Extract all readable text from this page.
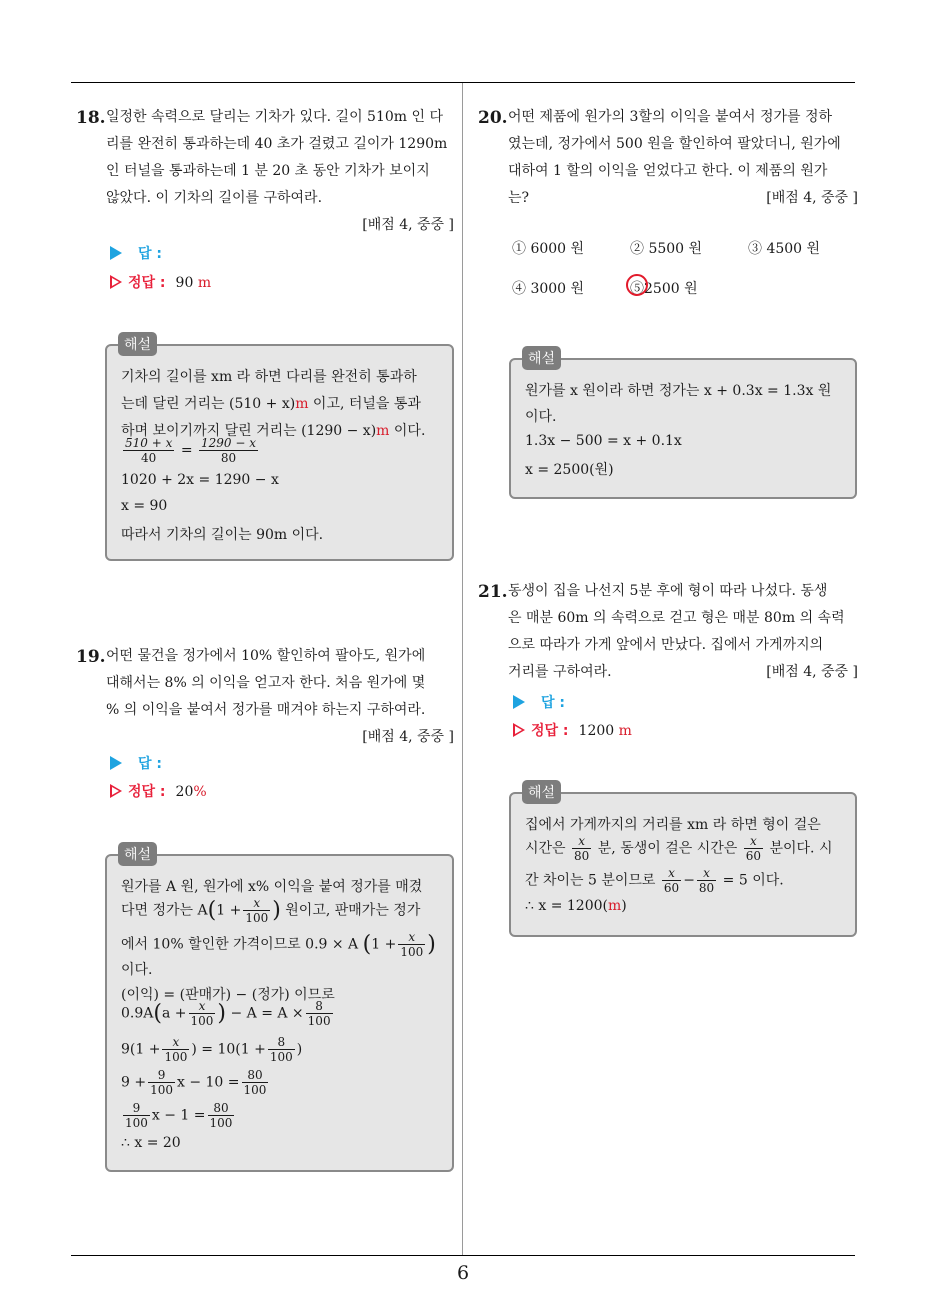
6
18. 일정한 속력으로 달리는 기차가 있다. 길이 510m 인 다
리를 완전히 통과하는데 40 초가 걸렸고 길이가 1290m
인 터널을 통과하는데 1 분 20 초 동안 기차가 보이지
않았다. 이 기차의 길이를 구하여라.
[배점 4, 중중 ]
답 :
정답 : 90 m
기차의 길이를 xm 라 하면 다리를 완전히 통과하
는데 달린 거리는 (510 + x)m 이고, 터널을 통과
하며 보이기까지 달린 거리는 (1290 − x)m 이다.
$\frac{510 + x}{40} = \frac{1290 - x}{80}$
1020 + 2x = 1290 − x
x = 90
따라서 기차의 길이는 90m 이다.
해설
19. 어떤 물건을 정가에서 10% 할인하여 팔아도, 원가에
대해서는 8% 의 이익을 얻고자 한다. 처음 원가에 몇
% 의 이익을 붙여서 정가를 매겨야 하는지 구하여라.
[배점 4, 중중 ]
답 :
정답 : 20%
원가를 A 원, 원가에 x% 이익을 붙여 정가를 매겼
다면 정가는 $A(1 + \frac{x}{100}$ ) 원이고, 판매가는 정가
에서 10% 할인한 가격이므로 0.9 × A ($1 + \frac{x}{100}$ )
이다.
(이익) = (판매가) − (정가) 이므로
$0.9A(a + \frac{x}{100}$ ) − $A = A \times \frac{8}{100}$
$9(1 + \frac{x}{100}$ ) = $10(1 + \frac{8}{100}$ )
$9 + \frac{9}{100}$ $x - 10 = \frac{80}{100}$
$\frac{9}{100}$ $x - 1 = \frac{80}{100}$
∴ x = 20
해설
20. 어떤 제품에 원가의 3할의 이익을 붙여서 정가를 정하
였는데, 정가에서 500 원을 할인하여 팔았더니, 원가에
대하여 1 할의 이익을 얻었다고 한다. 이 제품의 원가
는?	[배점 4, 중중 ]
① 6000 원	② 5500 원	③ 4500 원
④ 3000 원	⑤2500 원
원가를 x 원이라 하면 정가는 x + 0.3x = 1.3x 원
이다.
1.3x − 500 = x + 0.1x
x = 2500(원)
해설
21. 동생이 집을 나선지 5분 후에 형이 따라 나섰다. 동생
은 매분 60m 의 속력으로 걷고 형은 매분 80m 의 속력
으로 따라가 가게 앞에서 만났다. 집에서 가게까지의
거리를 구하여라.	[배점 4, 중중 ]
답 :
정답 : 1200 m
집에서 가게까지의 거리를 xm 라 하면 형이 걸은
시간은 $\frac{x}{80}$ 분, 동생이 걸은 시간은 $\frac{x}{60}$ 분이다. 시
간 차이는 5 분이므로 $\frac{x}{60} - \frac{x}{80} = 5$ 이다.
∴ x = 1200(m)
해설
